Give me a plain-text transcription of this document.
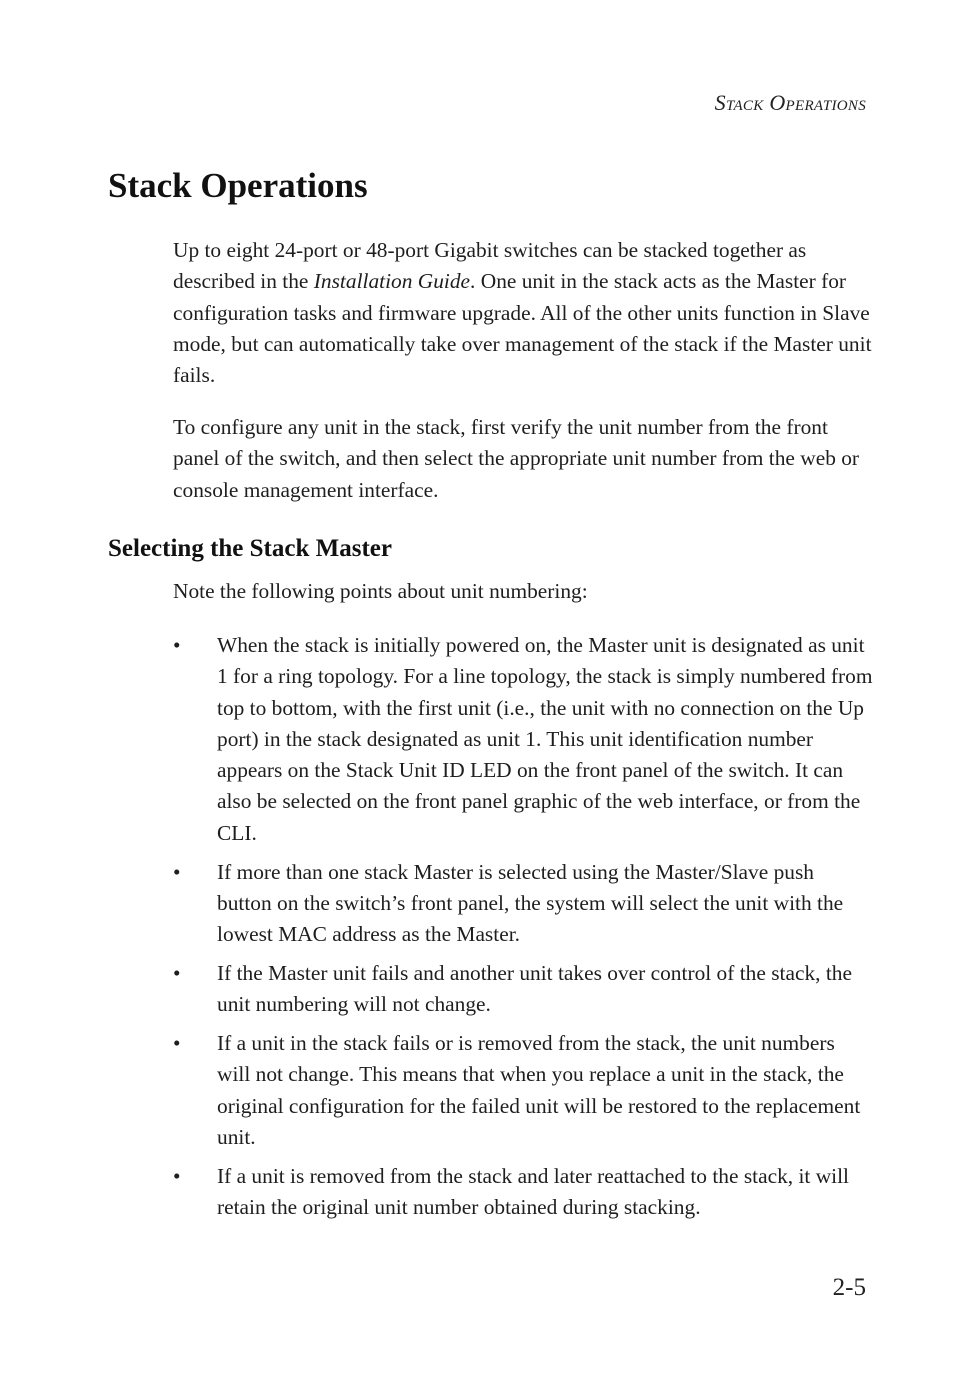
Stack Operations
Stack Operations

Up to eight 24-port or 48-port Gigabit switches can be stacked together as described in the Installation Guide. One unit in the stack acts as the Master for configuration tasks and firmware upgrade. All of the other units function in Slave mode, but can automatically take over management of the stack if the Master unit fails.

To configure any unit in the stack, first verify the unit number from the front panel of the switch, and then select the appropriate unit number from the web or console management interface.

Selecting the Stack Master

Note the following points about unit numbering:

• When the stack is initially powered on, the Master unit is designated as unit 1 for a ring topology. For a line topology, the stack is simply numbered from top to bottom, with the first unit (i.e., the unit with no connection on the Up port) in the stack designated as unit 1. This unit identification number appears on the Stack Unit ID LED on the front panel of the switch. It can also be selected on the front panel graphic of the web interface, or from the CLI.
• If more than one stack Master is selected using the Master/Slave push button on the switch’s front panel, the system will select the unit with the lowest MAC address as the Master.
• If the Master unit fails and another unit takes over control of the stack, the unit numbering will not change.
• If a unit in the stack fails or is removed from the stack, the unit numbers will not change. This means that when you replace a unit in the stack, the original configuration for the failed unit will be restored to the replacement unit.
• If a unit is removed from the stack and later reattached to the stack, it will retain the original unit number obtained during stacking.
2-5
